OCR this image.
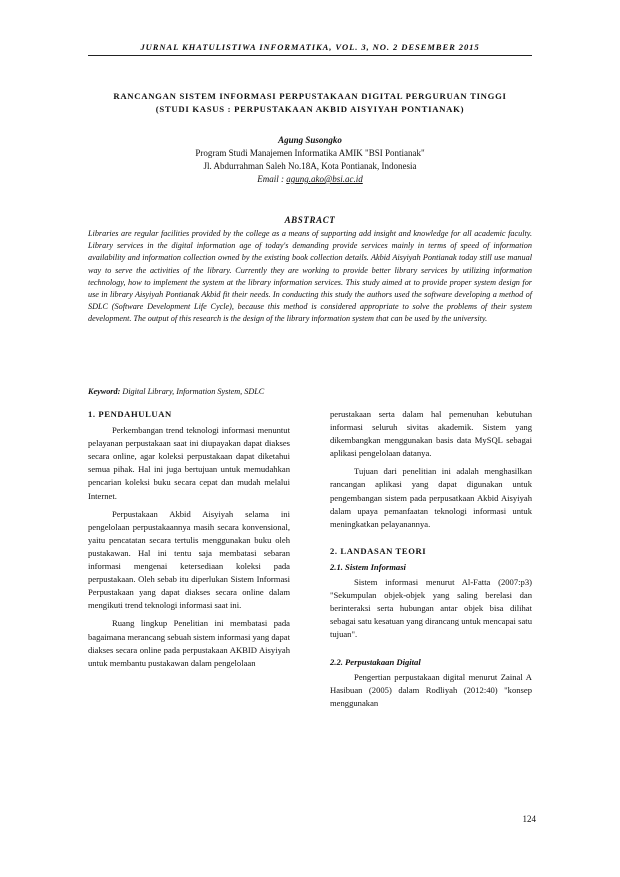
JURNAL KHATULISTIWA INFORMATIKA, VOL. 3, NO. 2 DESEMBER 2015
RANCANGAN SISTEM INFORMASI PERPUSTAKAAN DIGITAL PERGURUAN TINGGI
(STUDI KASUS : PERPUSTAKAAN AKBID AISYIYAH PONTIANAK)
Agung Susongko
Program Studi Manajemen Informatika AMIK "BSI Pontianak"
Jl. Abdurrahman Saleh No.18A, Kota Pontianak, Indonesia
Email : agung.ako@bsi.ac.id
ABSTRACT
Libraries are regular facilities provided by the college as a means of supporting add insight and knowledge for all academic faculty. Library services in the digital information age of today's demanding provide services mainly in terms of speed of information availability and information collection owned by the existing book collection details. Akbid Aisyiyah Pontianak today still use manual way to serve the activities of the library. Currently they are working to provide better library services by utilizing information technology, how to implement the system at the library information services. This study aimed at to provide proper system design for use in library Aisyiyah Pontianak Akbid fit their needs. In conducting this study the authors used the software developing a method of SDLC (Software Development Life Cycle), because this method is considered appropriate to solve the problems of their system development. The output of this research is the design of the library information system that can be used by the university.
Keyword: Digital Library, Information System, SDLC
1. PENDAHULUAN

Perkembangan trend teknologi informasi menuntut pelayanan perpustakaan saat ini diupayakan dapat diakses secara online, agar koleksi perpustakaan dapat diketahui semua pihak. Hal ini juga bertujuan untuk memudahkan pencarian koleksi buku secara cepat dan mudah melalui Internet.

Perpustakaan Akbid Aisyiyah selama ini pengelolaan perpustakaannya masih secara konvensional, yaitu pencatatan secara tertulis menggunakan buku oleh pustakawan. Hal ini tentu saja membatasi sebaran informasi mengenai ketersediaan koleksi pada perpustakaan. Oleh sebab itu diperlukan Sistem Informasi Perpustakaan yang dapat diakses secara online dalam mengikuti trend teknologi informasi saat ini.

Ruang lingkup Penelitian ini membatasi pada bagaimana merancang sebuah sistem informasi yang dapat diakses secara online pada perpustakaan AKBID Aisyiyah untuk membantu pustakawan dalam pengelolaan

perustakaan serta dalam hal pemenuhan kebutuhan informasi seluruh sivitas akademik. Sistem yang dikembangkan menggunakan basis data MySQL sebagai aplikasi pengelolaan datanya.

Tujuan dari penelitian ini adalah menghasilkan rancangan aplikasi yang dapat digunakan untuk pengembangan sistem pada perpusatkaan Akbid Aisyiyah dalam upaya pemanfaatan teknologi informasi untuk meningkatkan pelayanannya.

2. LANDASAN TEORI
2.1. Sistem Informasi

Sistem informasi menurut Al-Fatta (2007:p3) "Sekumpulan objek-objek yang saling berelasi dan berinteraksi serta hubungan antar objek bisa dilihat sebagai satu kesatuan yang dirancang untuk mencapai satu tujuan".

2.2. Perpustakaan Digital

Pengertian perpustakaan digital menurut Zainal A Hasibuan (2005) dalam Rodliyah (2012:40) "konsep menggunakan

124
